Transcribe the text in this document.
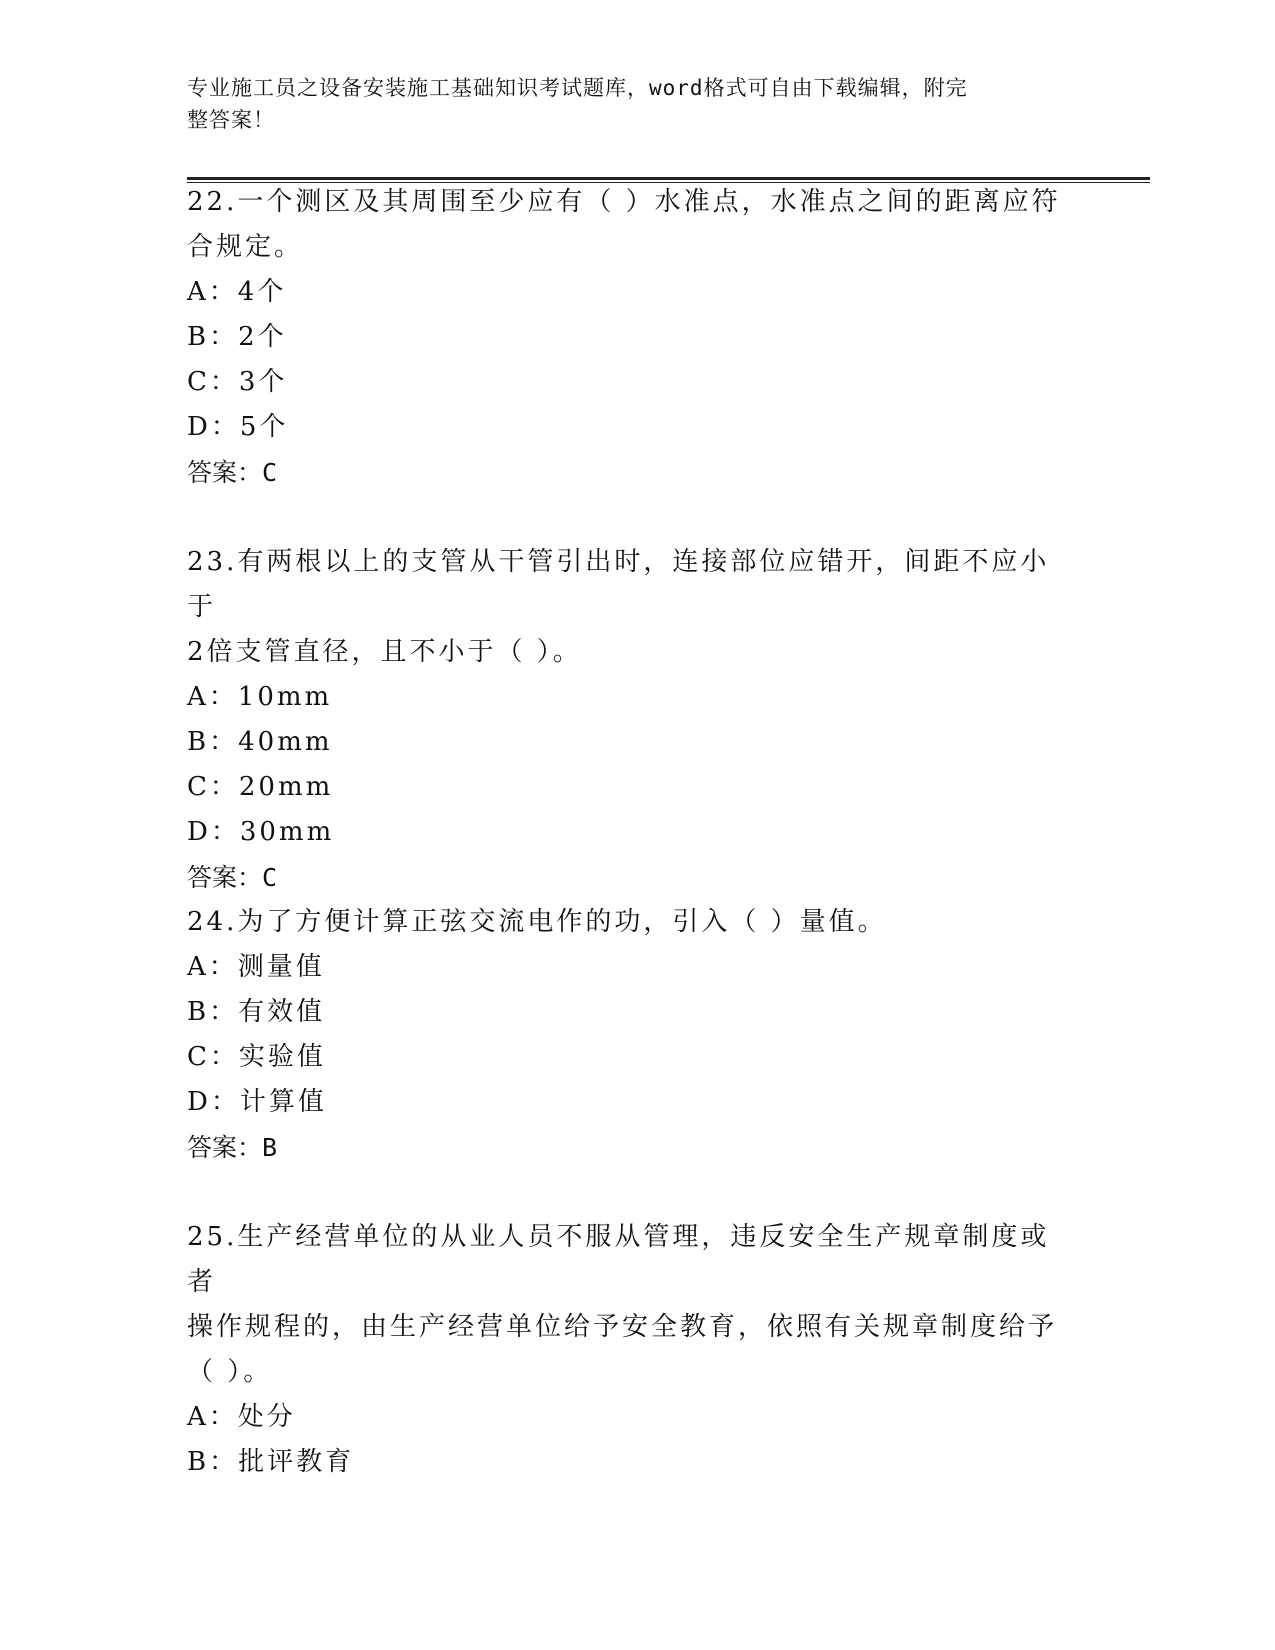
专业施工员之设备安装施工基础知识考试题库，word格式可自由下载编辑，附完
整答案！

22.一个测区及其周围至少应有（ ）水准点，水准点之间的距离应符

合规定。

A：4个

B：2个

C：3个

D：5个

答案：C

23.有两根以上的支管从干管引出时，连接部位应错开，间距不应小于

2倍支管直径，且不小于（ ）。

A：10mm

B：40mm

C：20mm

D：30mm

答案：C

24.为了方便计算正弦交流电作的功，引入（ ）量值。

A：测量值

B：有效值

C：实验值

D：计算值

答案：B

25.生产经营单位的从业人员不服从管理，违反安全生产规章制度或者

操作规程的，由生产经营单位给予安全教育，依照有关规章制度给予

（ ）。

A：处分

B：批评教育
